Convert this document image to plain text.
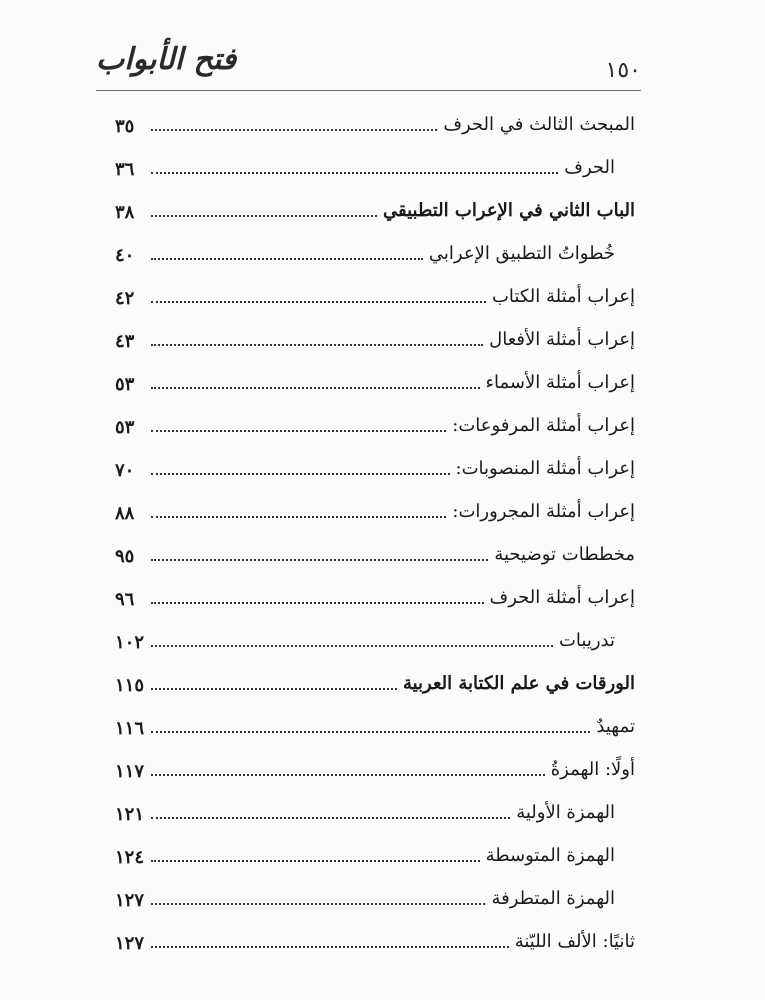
فتح الأبواب	١٥٠
٣٥	المبحث الثالث في الحرف
٣٦	الحرف
٣٨	الباب الثاني في الإعراب التطبيقي
٤٠	خُطواتُ التطبيق الإعرابي
٤٢	إعراب أمثلة الكتاب
٤٣	إعراب أمثلة الأفعال
٥٣	إعراب أمثلة الأسماء
٥٣	إعراب أمثلة المرفوعات:
٧٠	إعراب أمثلة المنصوبات:
٨٨	إعراب أمثلة المجرورات:
٩٥	مخططات توضيحية
٩٦	إعراب أمثلة الحرف
١٠٢	تدريبات
١١٥	الورقات في علم الكتابة العربية
١١٦	تمهيدٌ
١١٧	أولًا: الهمزةُ
١٢١	الهمزة الأولية
١٢٤	الهمزة المتوسطة
١٢٧	الهمزة المتطرفة
١٢٧	ثانيًا: الألف الليّنة
